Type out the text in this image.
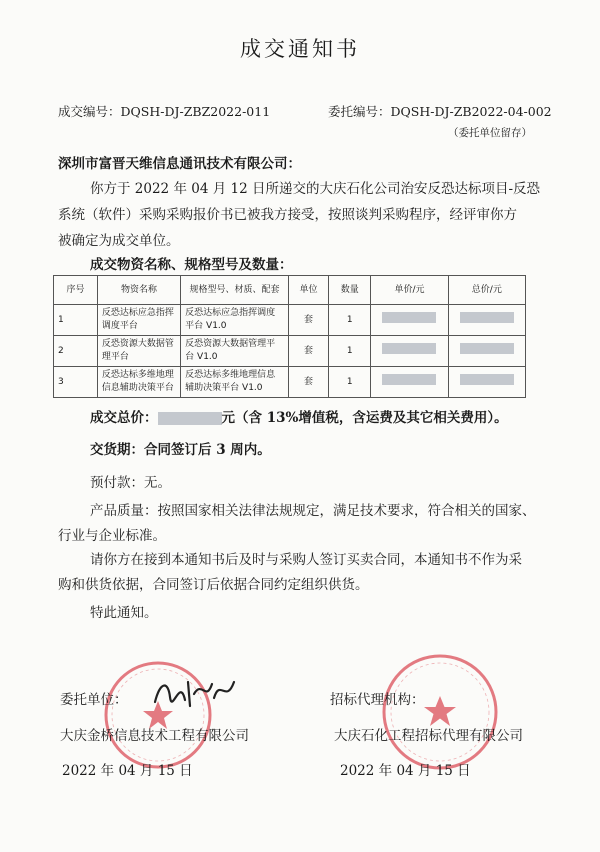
成交通知书
成交编号：DQSH-DJ-ZBZ2022-011	委托编号：DQSH-DJ-ZB2022-04-002
（委托单位留存）
深圳市富晋天维信息通讯技术有限公司：
你方于 2022 年 04 月 12 日所递交的大庆石化公司治安反恐达标项目-反恐
系统（软件）采购采购报价书已被我方接受，按照谈判采购程序，经评审你方
被确定为成交单位。
成交物资名称、规格型号及数量：
序号	物资名称	规格型号、材质、配套	单位	数量	单价/元	总价/元
1	反恐达标应急指挥调度平台	反恐达标应急指挥调度平台 V1.0	套	1		
2	反恐资源大数据管理平台	反恐资源大数据管理平台 V1.0	套	1		
3	反恐达标多维地理信息辅助决策平台	反恐达标多维地理信息辅助决策平台 V1.0	套	1		
成交总价：	元（含 13%增值税，含运费及其它相关费用）。
交货期：合同签订后 3 周内。
预付款：无。
产品质量：按照国家相关法律法规规定，满足技术要求，符合相关的国家、
行业与企业标准。
请你方在接到本通知书后及时与采购人签订买卖合同，本通知书不作为采
购和供货依据，合同签订后依据合同约定组织供货。
特此通知。
委托单位：	招标代理机构：
大庆金桥信息技术工程有限公司	大庆石化工程招标代理有限公司
2022 年 04 月 15 日	2022 年 04 月 15 日
